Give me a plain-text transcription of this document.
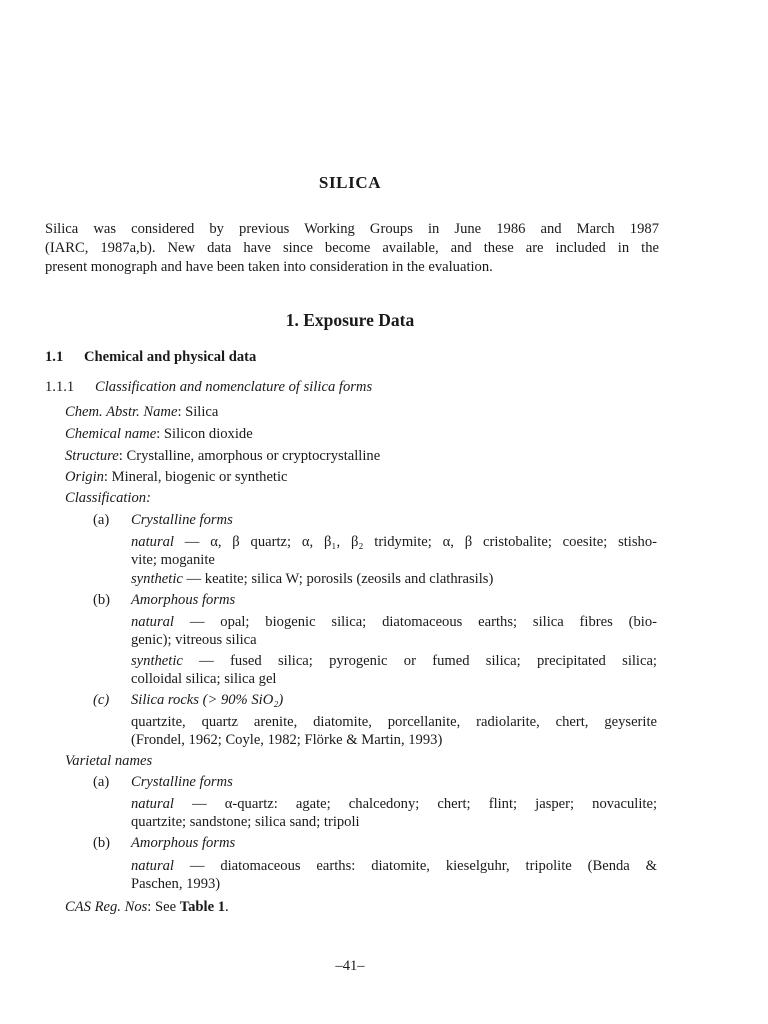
SILICA
Silica was considered by previous Working Groups in June 1986 and March 1987
(IARC, 1987a,b). New data have since become available, and these are included in the
present monograph and have been taken into consideration in the evaluation.
1. Exposure Data
1.1 Chemical and physical data
1.1.1 Classification and nomenclature of silica forms
Chem. Abstr. Name: Silica
Chemical name: Silicon dioxide
Structure: Crystalline, amorphous or cryptocrystalline
Origin: Mineral, biogenic or synthetic
Classification:
(a) Crystalline forms
natural — α, β quartz; α, β₁, β₂ tridymite; α, β cristobalite; coesite; stisho-
vite; moganite
synthetic — keatite; silica W; porosils (zeosils and clathrasils)
(b) Amorphous forms
natural — opal; biogenic silica; diatomaceous earths; silica fibres (bio-
genic); vitreous silica
synthetic — fused silica; pyrogenic or fumed silica; precipitated silica;
colloidal silica; silica gel
(c) Silica rocks (> 90% SiO₂)
quartzite, quartz arenite, diatomite, porcellanite, radiolarite, chert, geyserite
(Frondel, 1962; Coyle, 1982; Flörke & Martin, 1993)
Varietal names
(a) Crystalline forms
natural — α-quartz: agate; chalcedony; chert; flint; jasper; novaculite;
quartzite; sandstone; silica sand; tripoli
(b) Amorphous forms
natural — diatomaceous earths: diatomite, kieselguhr, tripolite (Benda &
Paschen, 1993)
CAS Reg. Nos: See Table 1.
–41–
